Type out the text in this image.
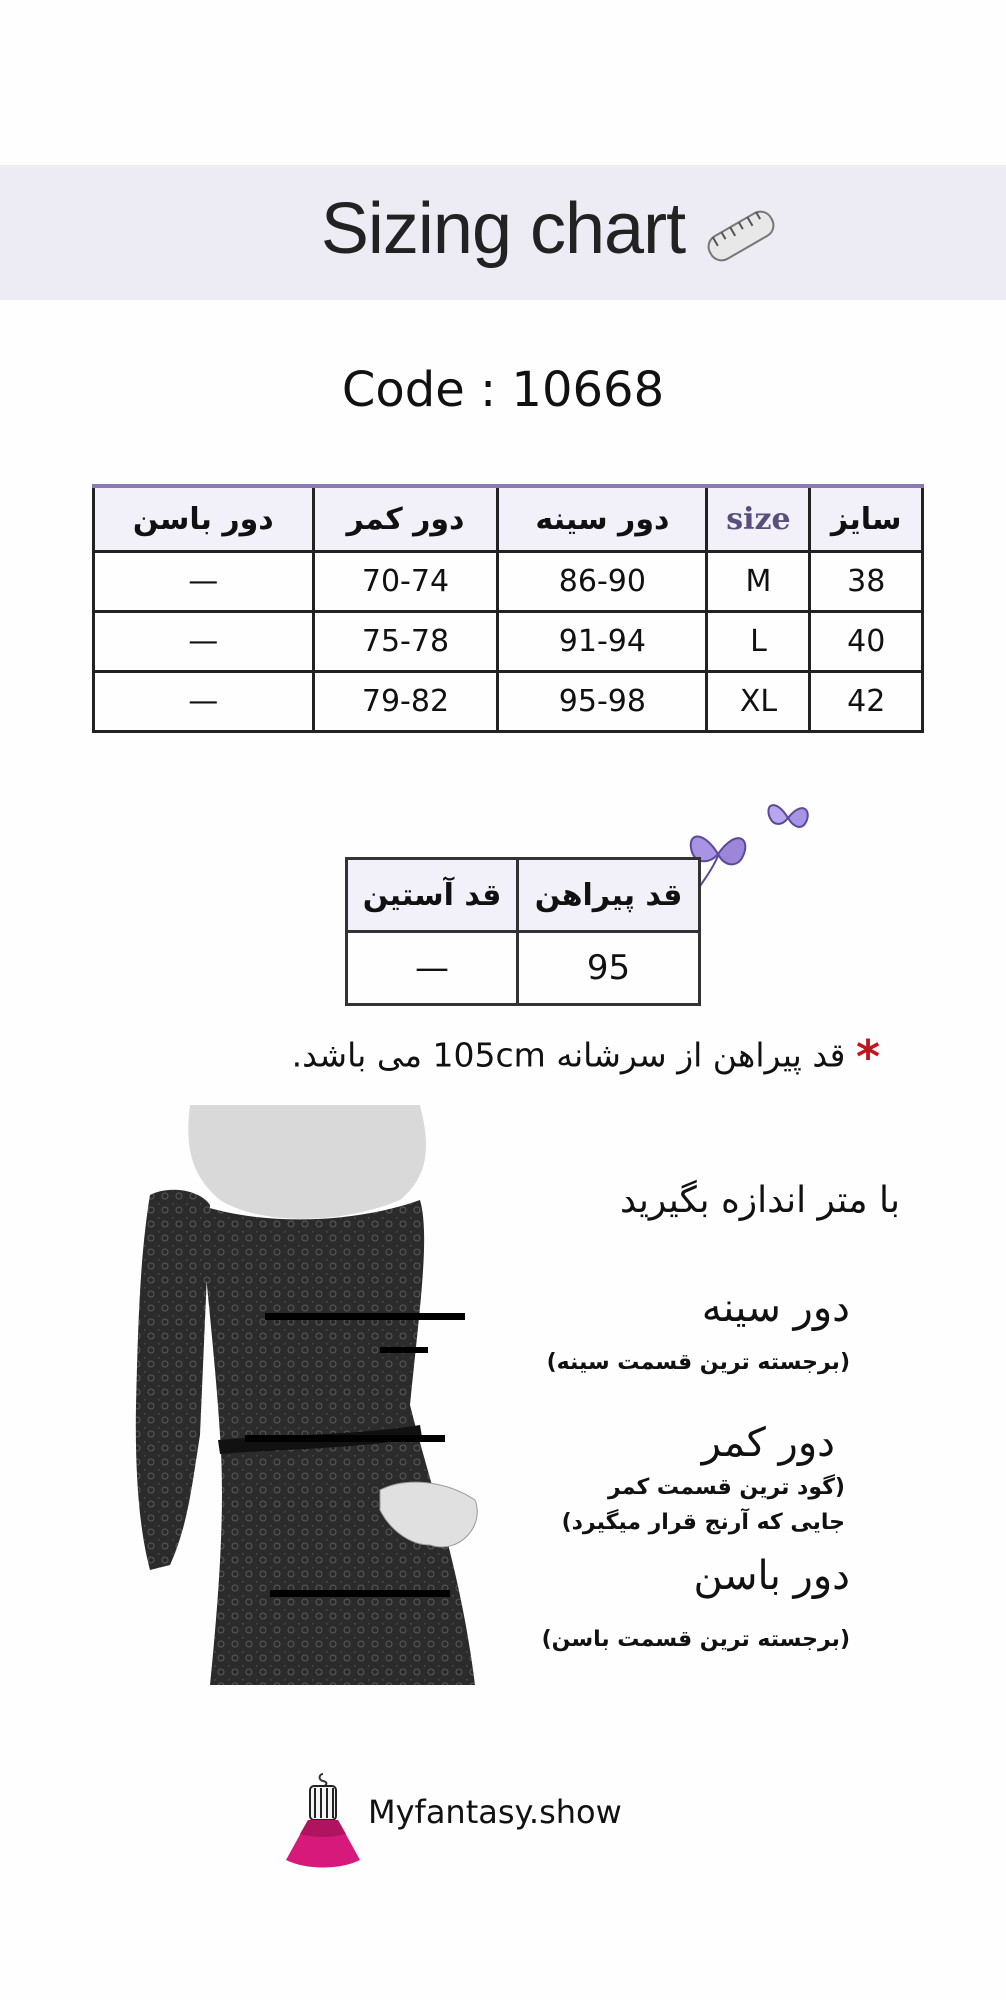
Sizing chart
Code : 10668
دور باسن	دور کمر	دور سینه	size	سایز
—	70-74	86-90	M	38
—	75-78	91-94	L	40
—	79-82	95-98	XL	42
قد آستین	قد پیراهن
—	95
* قد پیراهن از سرشانه 105cm می باشد.
با متر اندازه بگیرید
دور سینه
(برجسته ترین قسمت سینه)
دور کمر
(گود ترین قسمت کمر
جایی که آرنج قرار میگیرد)
دور باسن
(برجسته ترین قسمت باسن)
Myfantasy.show
